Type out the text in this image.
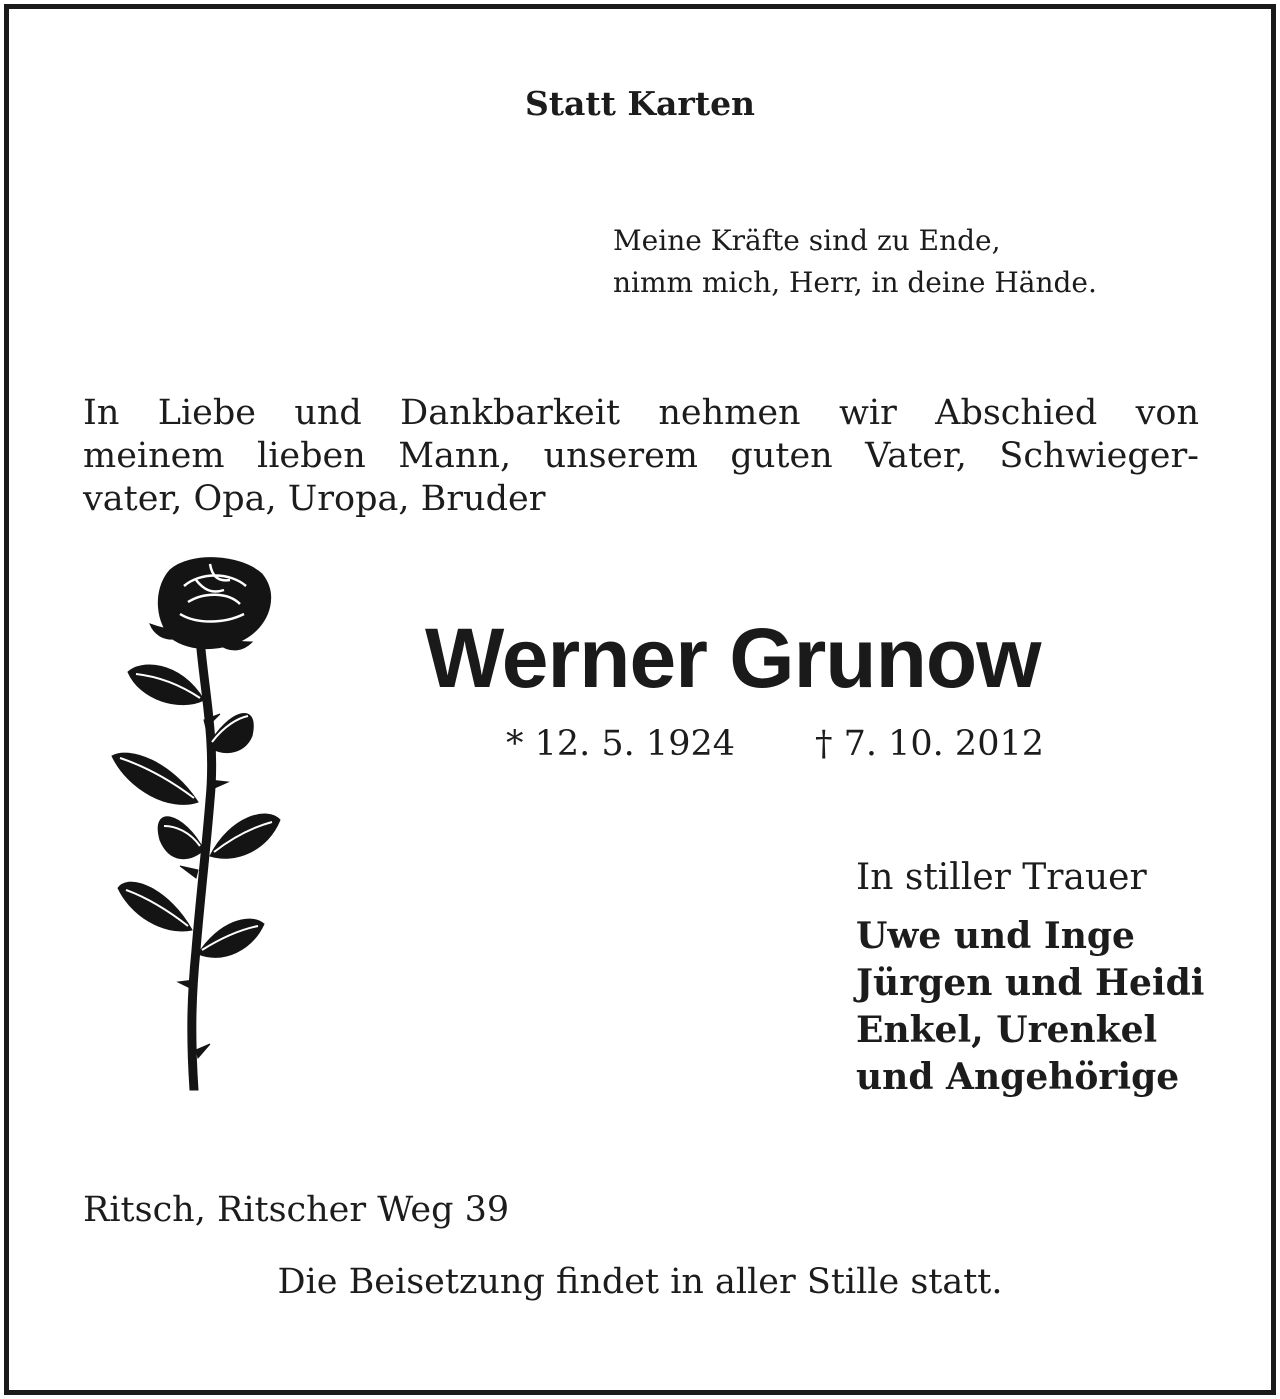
Statt Karten
Meine Kräfte sind zu Ende,
nimm mich, Herr, in deine Hände.
In Liebe und Dankbarkeit nehmen wir Abschied von
meinem lieben Mann, unserem guten Vater, Schwieger-
vater, Opa, Uropa, Bruder
Werner Grunow
* 12. 5. 1924 † 7. 10. 2012
In stiller Trauer
Uwe und Inge
Jürgen und Heidi
Enkel, Urenkel
und Angehörige
Ritsch, Ritscher Weg 39
Die Beisetzung findet in aller Stille statt.
